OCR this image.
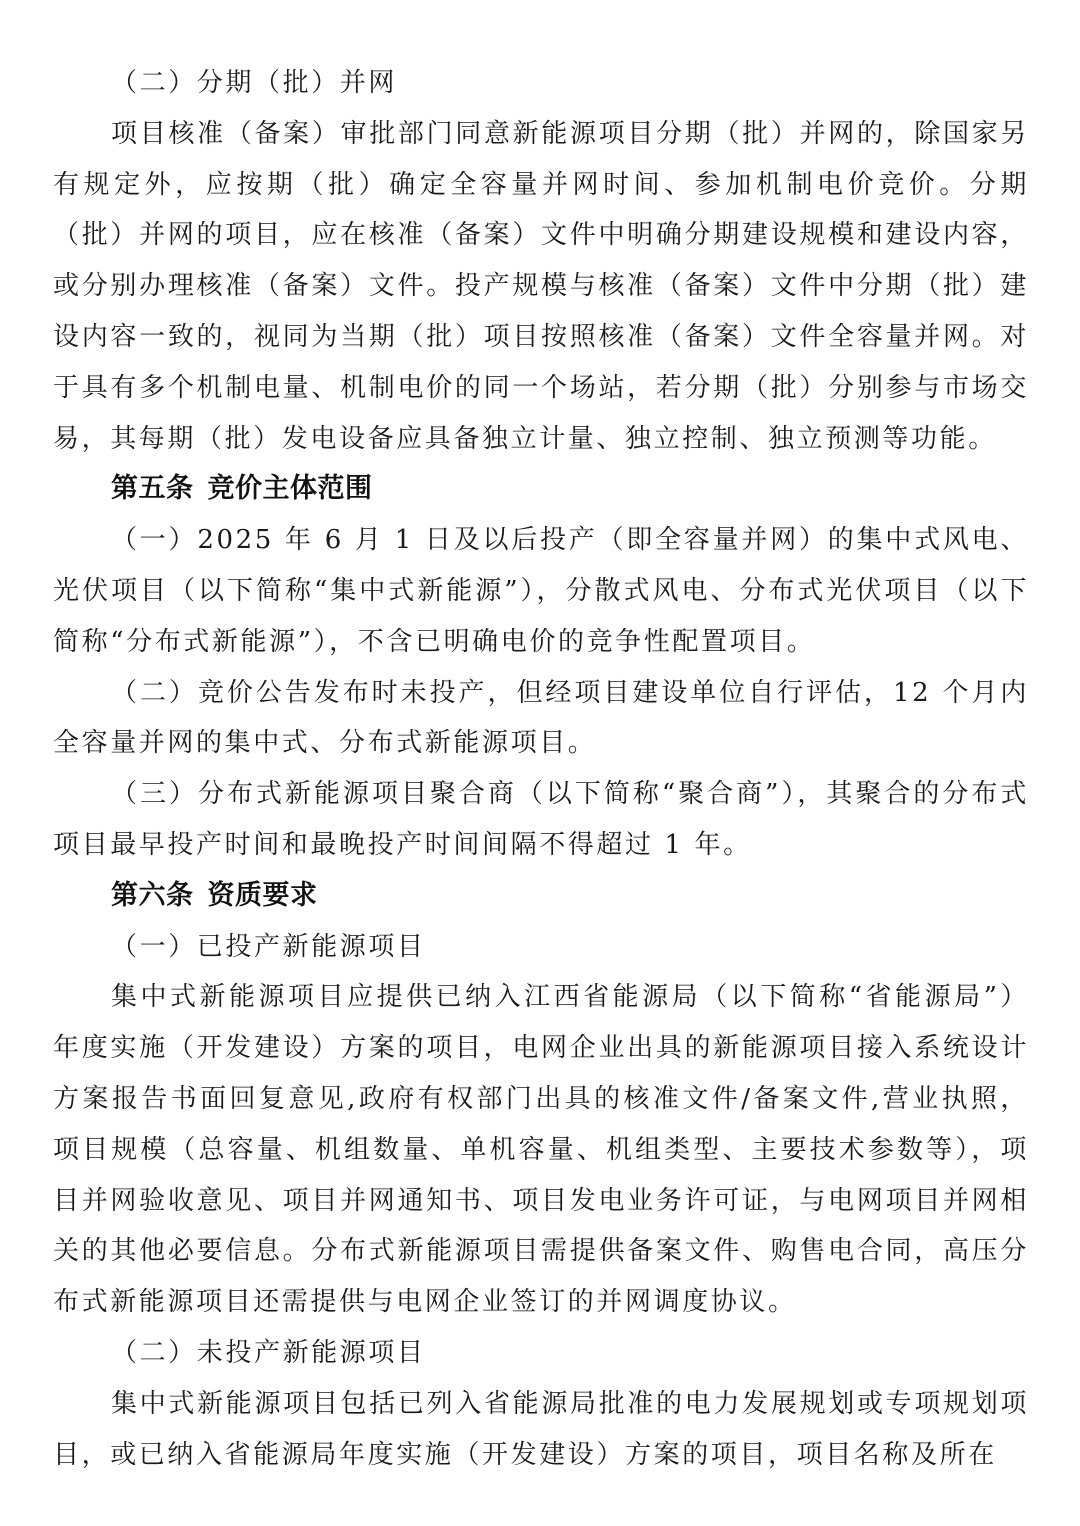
（二）分期（批）并网

项目核准（备案）审批部门同意新能源项目分期（批）并网的，除国家另有规定外，应按期（批）确定全容量并网时间、参加机制电价竞价。分期（批）并网的项目，应在核准（备案）文件中明确分期建设规模和建设内容，或分别办理核准（备案）文件。投产规模与核准（备案）文件中分期（批）建设内容一致的，视同为当期（批）项目按照核准（备案）文件全容量并网。对于具有多个机制电量、机制电价的同一个场站，若分期（批）分别参与市场交易，其每期（批）发电设备应具备独立计量、独立控制、独立预测等功能。

第五条 竞价主体范围

（一）2025 年 6 月 1 日及以后投产（即全容量并网）的集中式风电、光伏项目（以下简称“集中式新能源”），分散式风电、分布式光伏项目（以下简称“分布式新能源”），不含已明确电价的竞争性配置项目。

（二）竞价公告发布时未投产，但经项目建设单位自行评估，12 个月内全容量并网的集中式、分布式新能源项目。

（三）分布式新能源项目聚合商（以下简称“聚合商”），其聚合的分布式项目最早投产时间和最晚投产时间间隔不得超过 1 年。

第六条 资质要求

（一）已投产新能源项目

集中式新能源项目应提供已纳入江西省能源局（以下简称“省能源局”）年度实施（开发建设）方案的项目，电网企业出具的新能源项目接入系统设计方案报告书面回复意见,政府有权部门出具的核准文件/备案文件,营业执照，项目规模（总容量、机组数量、单机容量、机组类型、主要技术参数等），项目并网验收意见、项目并网通知书、项目发电业务许可证，与电网项目并网相关的其他必要信息。分布式新能源项目需提供备案文件、购售电合同，高压分布式新能源项目还需提供与电网企业签订的并网调度协议。

（二）未投产新能源项目

集中式新能源项目包括已列入省能源局批准的电力发展规划或专项规划项目，或已纳入省能源局年度实施（开发建设）方案的项目，项目名称及所在
